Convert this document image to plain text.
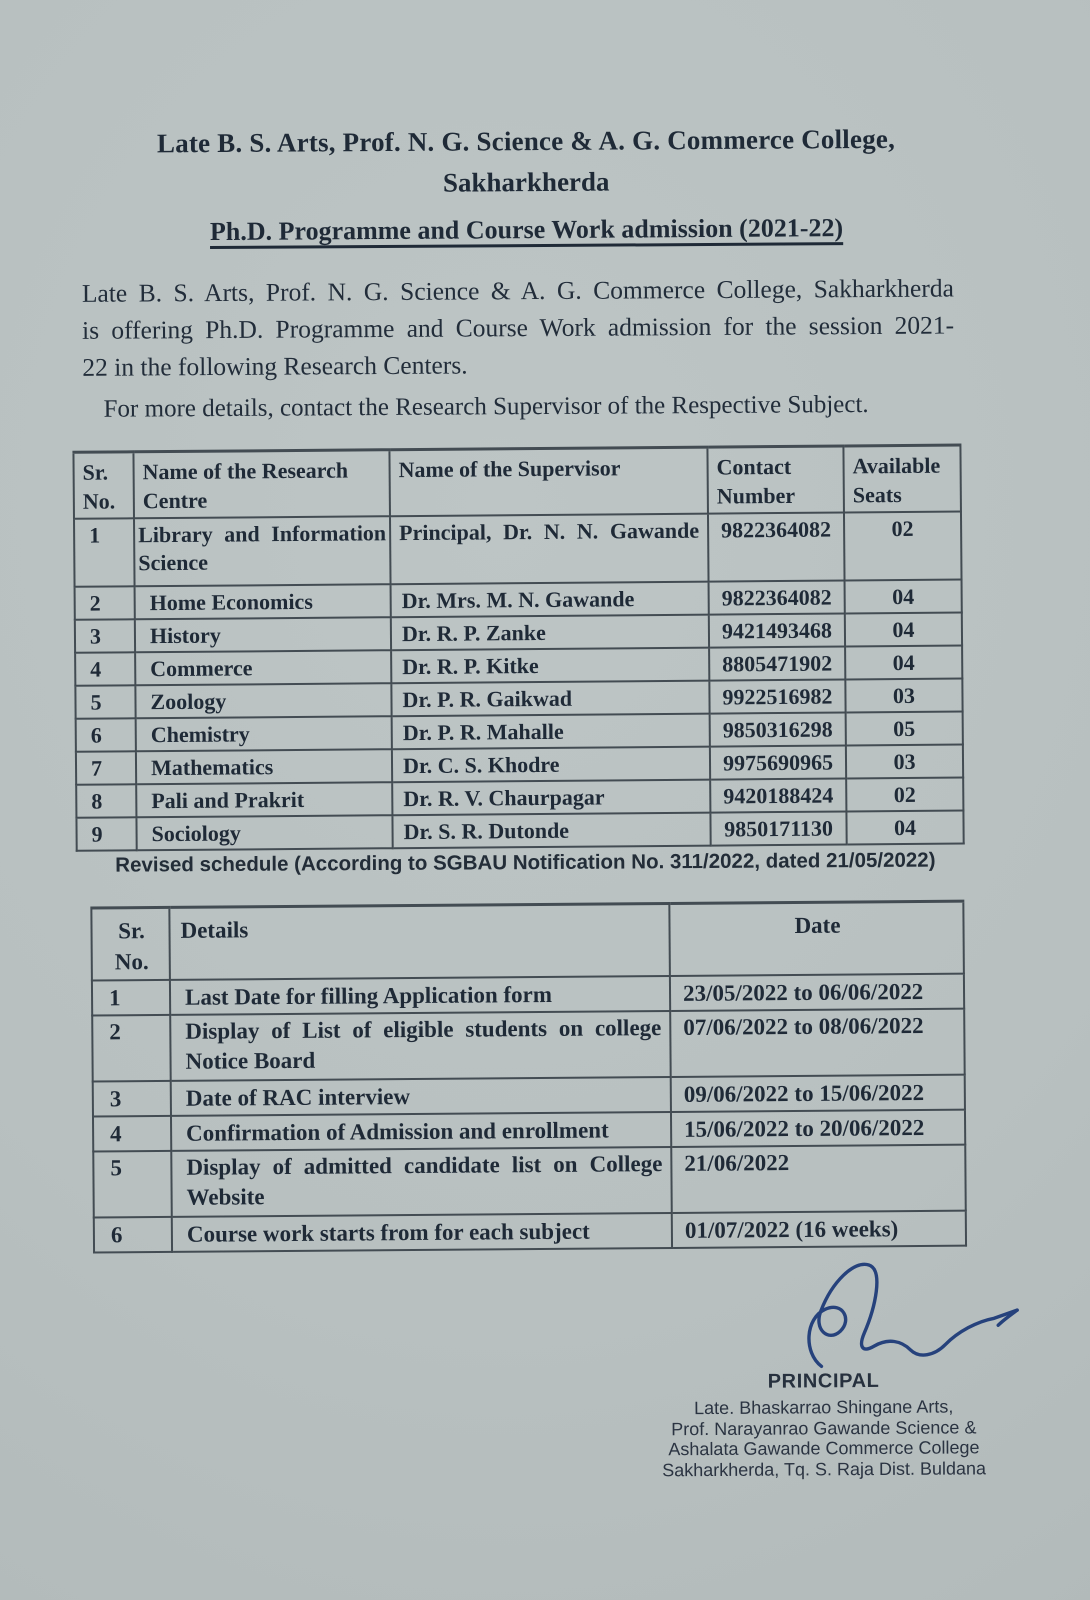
Late B. S. Arts, Prof. N. G. Science & A. G. Commerce College,
Sakharkherda
Ph.D. Programme and Course Work admission (2021-22)
Late B. S. Arts, Prof. N. G. Science & A. G. Commerce College, Sakharkherda
is offering Ph.D. Programme and Course Work admission for the session 2021-
22 in the following Research Centers.
For more details, contact the Research Supervisor of the Respective Subject.
Sr. No.	Name of the Research Centre	Name of the Supervisor	Contact Number	Available Seats
1	Library and Information Science	Principal, Dr. N. N. Gawande	9822364082	02
2	Home Economics	Dr. Mrs. M. N. Gawande	9822364082	04
3	History	Dr. R. P. Zanke	9421493468	04
4	Commerce	Dr. R. P. Kitke	8805471902	04
5	Zoology	Dr. P. R. Gaikwad	9922516982	03
6	Chemistry	Dr. P. R. Mahalle	9850316298	05
7	Mathematics	Dr. C. S. Khodre	9975690965	03
8	Pali and Prakrit	Dr. R. V. Chaurpagar	9420188424	02
9	Sociology	Dr. S. R. Dutonde	9850171130	04
Revised schedule (According to SGBAU Notification No. 311/2022, dated 21/05/2022)
Sr. No.	Details	Date
1	Last Date for filling Application form	23/05/2022 to 06/06/2022
2	Display of List of eligible students on college Notice Board	07/06/2022 to 08/06/2022
3	Date of RAC interview	09/06/2022 to 15/06/2022
4	Confirmation of Admission and enrollment	15/06/2022 to 20/06/2022
5	Display of admitted candidate list on College Website	21/06/2022
6	Course work starts from for each subject	01/07/2022 (16 weeks)
PRINCIPAL
Late. Bhaskarrao Shingane Arts,
Prof. Narayanrao Gawande Science &
Ashalata Gawande Commerce College
Sakharkherda, Tq. S. Raja Dist. Buldana
